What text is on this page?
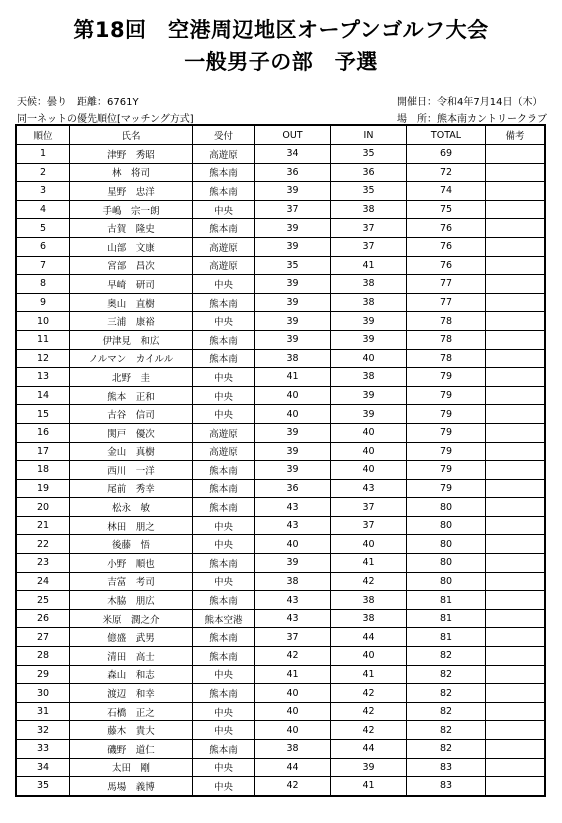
第18回　空港周辺地区オープンゴルフ大会
一般男子の部　予選
天候：曇り　距離：6761Y
同一ネットの優先順位[マッチング方式]
開催日：令和4年7月14日（木）
場　所：熊本南カントリークラブ
順位	氏名	受付	OUT	IN	TOTAL	備考
1	津野　秀昭	高遊原	34	35	69	
2	林　将司	熊本南	36	36	72	
3	星野　忠洋	熊本南	39	35	74	
4	手嶋　宗一朗	中央	37	38	75	
5	古賀　隆史	熊本南	39	37	76	
6	山部　文康	高遊原	39	37	76	
7	宮部　昌次	高遊原	35	41	76	
8	早崎　研司	中央	39	38	77	
9	奥山　直樹	熊本南	39	38	77	
10	三浦　康裕	中央	39	39	78	
11	伊津見　和広	熊本南	39	39	78	
12	ノルマン　カイルル	熊本南	38	40	78	
13	北野　圭	中央	41	38	79	
14	熊本　正和	中央	40	39	79	
15	古谷　信司	中央	40	39	79	
16	関戸　優次	高遊原	39	40	79	
17	金山　真樹	高遊原	39	40	79	
18	西川　一洋	熊本南	39	40	79	
19	尾前　秀幸	熊本南	36	43	79	
20	松永　敏	熊本南	43	37	80	
21	林田　朋之	中央	43	37	80	
22	後藤　悟	中央	40	40	80	
23	小野　順也	熊本南	39	41	80	
24	吉富　考司	中央	38	42	80	
25	木脇　朋広	熊本南	43	38	81	
26	米原　潤之介	熊本空港	43	38	81	
27	億盛　武男	熊本南	37	44	81	
28	清田　高士	熊本南	42	40	82	
29	森山　和志	中央	41	41	82	
30	渡辺　和幸	熊本南	40	42	82	
31	石橋　正之	中央	40	42	82	
32	藤木　貴大	中央	40	42	82	
33	磯野　道仁	熊本南	38	44	82	
34	太田　剛	中央	44	39	83	
35	馬場　義博	中央	42	41	83	
